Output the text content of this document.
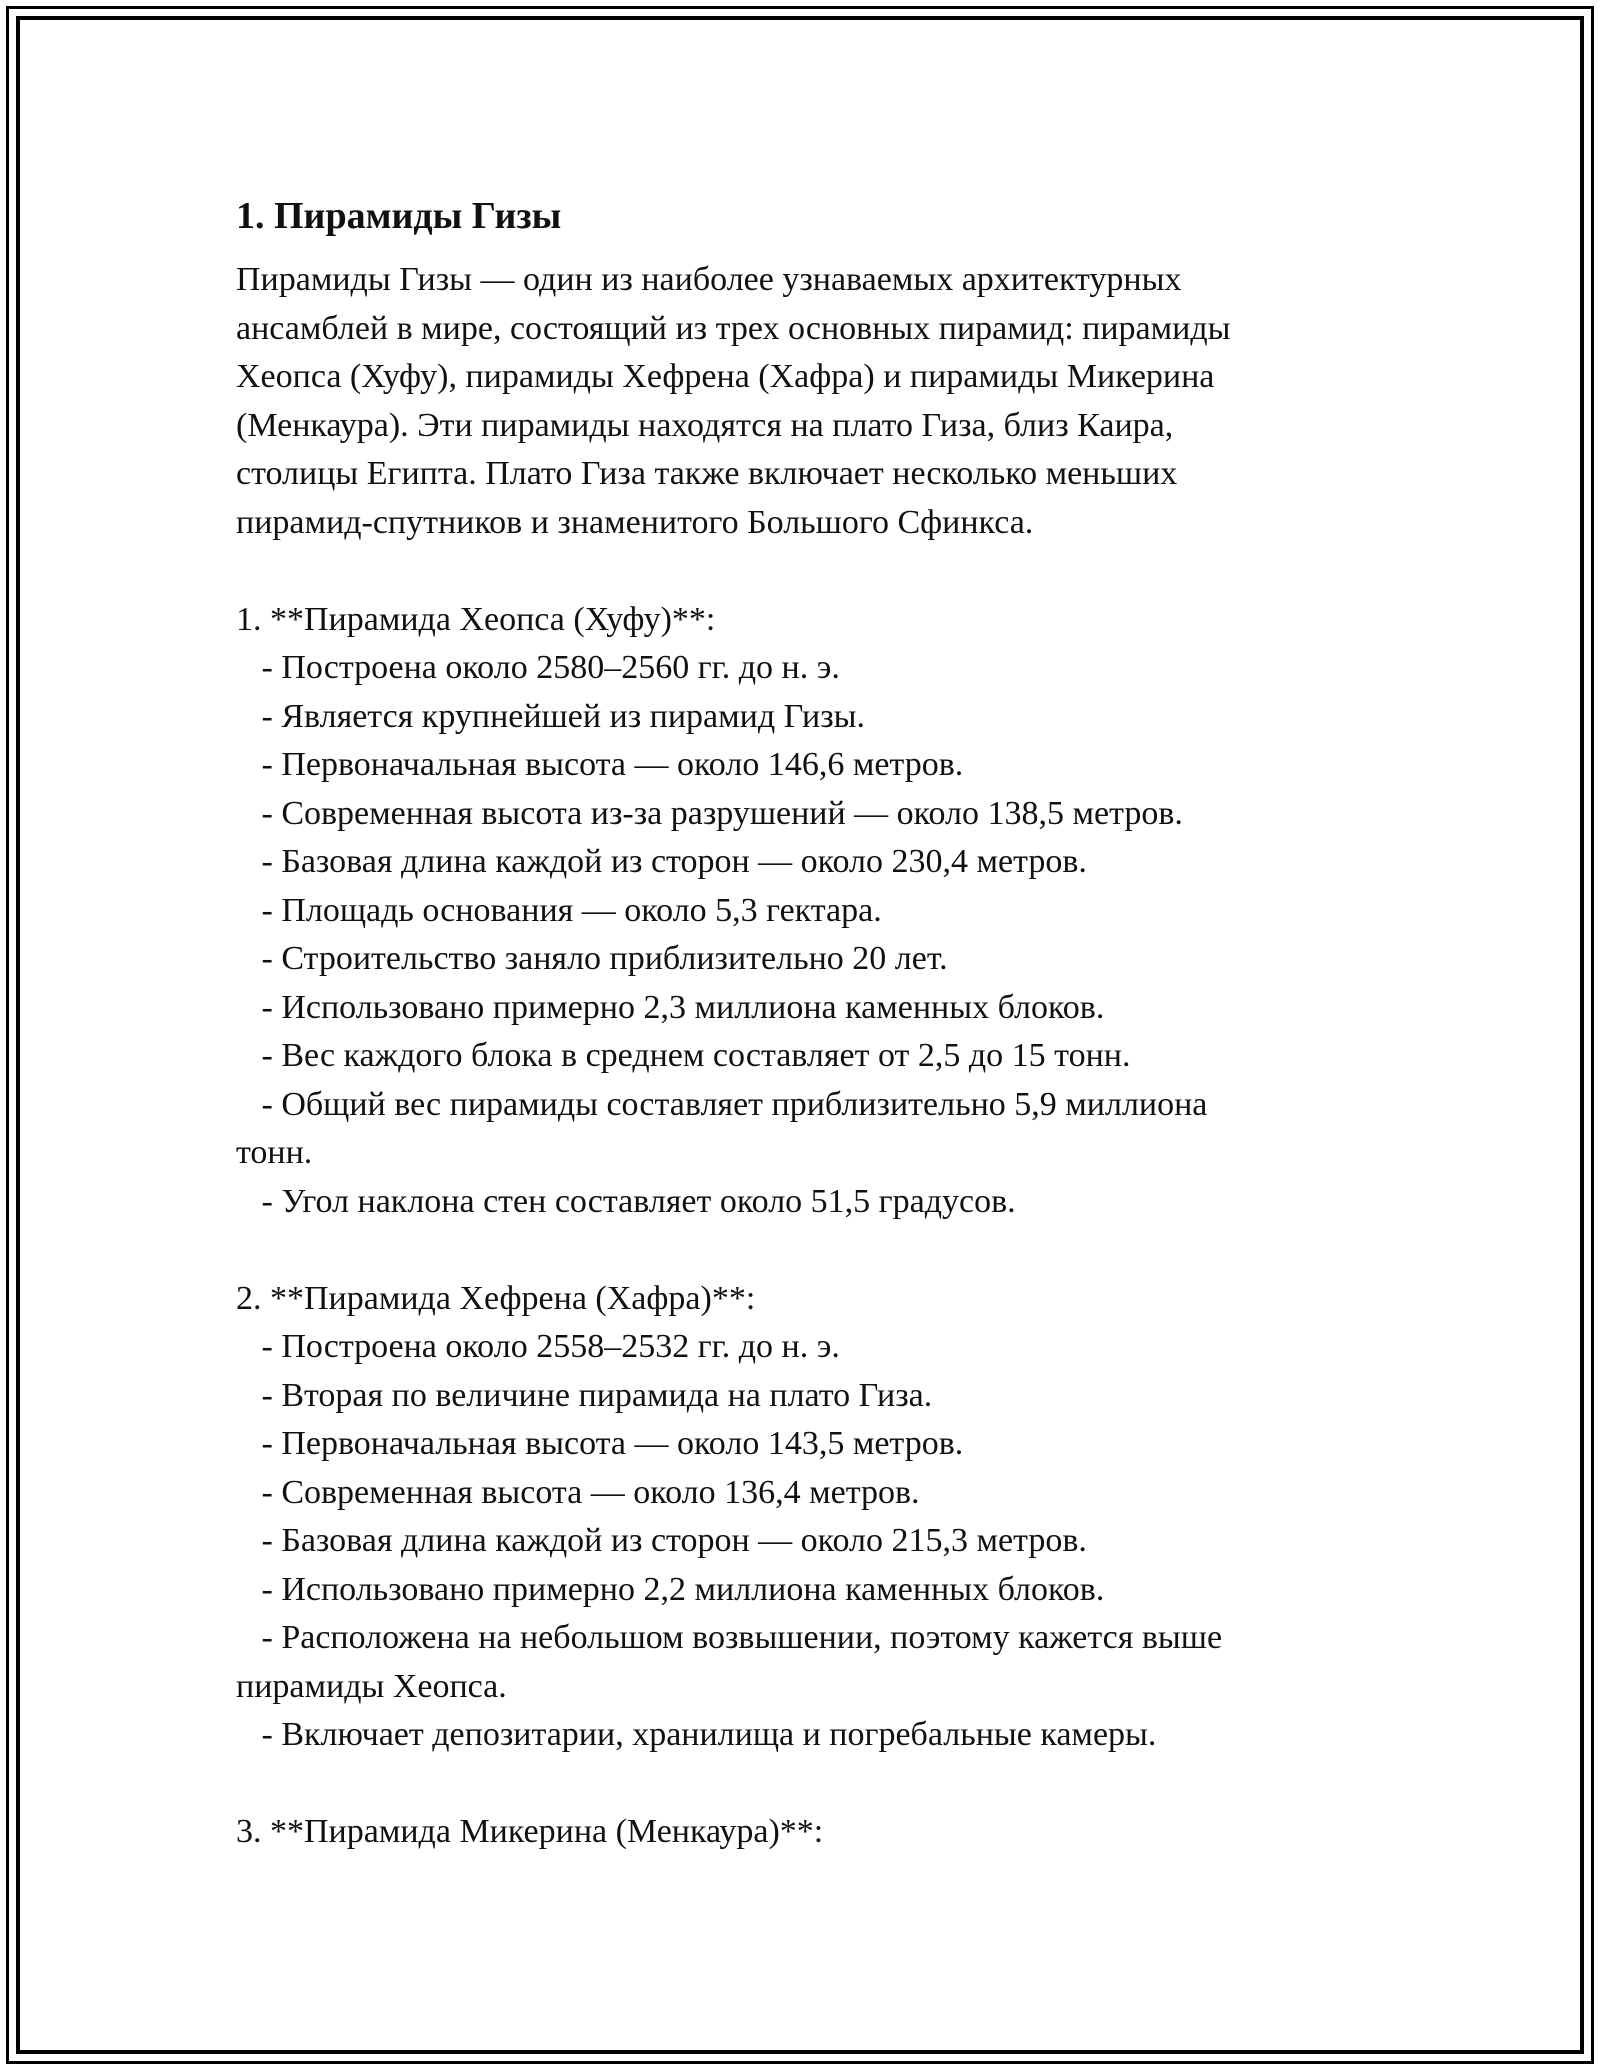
1. Пирамиды Гизы
Пирамиды Гизы — один из наиболее узнаваемых архитектурных
ансамблей в мире, состоящий из трех основных пирамид: пирамиды
Хеопса (Хуфу), пирамиды Хефрена (Хафра) и пирамиды Микерина
(Менкаура). Эти пирамиды находятся на плато Гиза, близ Каира,
столицы Египта. Плато Гиза также включает несколько меньших
пирамид-спутников и знаменитого Большого Сфинкса.
1. **Пирамида Хеопса (Хуфу)**:
- Построена около 2580–2560 гг. до н. э.
- Является крупнейшей из пирамид Гизы.
- Первоначальная высота — около 146,6 метров.
- Современная высота из-за разрушений — около 138,5 метров.
- Базовая длина каждой из сторон — около 230,4 метров.
- Площадь основания — около 5,3 гектара.
- Строительство заняло приблизительно 20 лет.
- Использовано примерно 2,3 миллиона каменных блоков.
- Вес каждого блока в среднем составляет от 2,5 до 15 тонн.
- Общий вес пирамиды составляет приблизительно 5,9 миллиона
тонн.
- Угол наклона стен составляет около 51,5 градусов.
2. **Пирамида Хефрена (Хафра)**:
- Построена около 2558–2532 гг. до н. э.
- Вторая по величине пирамида на плато Гиза.
- Первоначальная высота — около 143,5 метров.
- Современная высота — около 136,4 метров.
- Базовая длина каждой из сторон — около 215,3 метров.
- Использовано примерно 2,2 миллиона каменных блоков.
- Расположена на небольшом возвышении, поэтому кажется выше
пирамиды Хеопса.
- Включает депозитарии, хранилища и погребальные камеры.
3. **Пирамида Микерина (Менкаура)**:
